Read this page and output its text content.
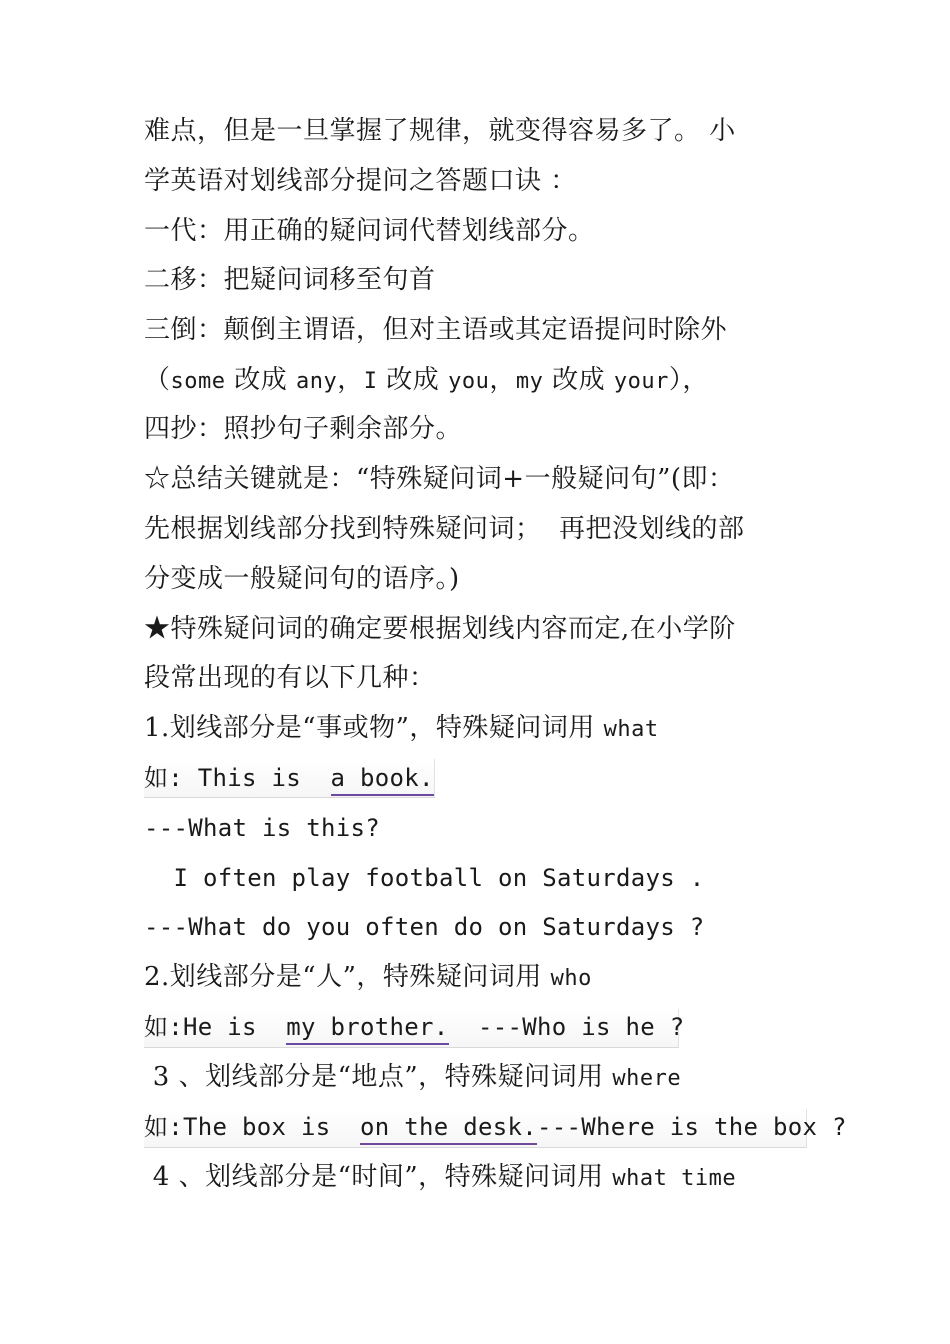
难点，但是一旦掌握了规律，就变得容易多了。 小
学英语对划线部分提问之答题口诀 ：
一代：用正确的疑问词代替划线部分。
二移：把疑问词移至句首
三倒：颠倒主谓语，但对主语或其定语提问时除外
（some 改成 any，I 改成 you，my 改成 your），
四抄：照抄句子剩余部分。
☆总结关键就是：“特殊疑问词+一般疑问句”(即：
先根据划线部分找到特殊疑问词；  再把没划线的部
分变成一般疑问句的语序。)
★特殊疑问词的确定要根据划线内容而定,在小学阶
段常出现的有以下几种：
1.划线部分是“事或物”，特殊疑问词用 what
如: This is  a book.
---What is this?
I often play football on Saturdays .
---What do you often do on Saturdays ?
2.划线部分是“人”，特殊疑问词用 who
如:He is  my brother.  ---Who is he ?
3 、划线部分是“地点”，特殊疑问词用 where
如:The box is  on the desk.---Where is the box ?
4 、划线部分是“时间”，特殊疑问词用 what time
